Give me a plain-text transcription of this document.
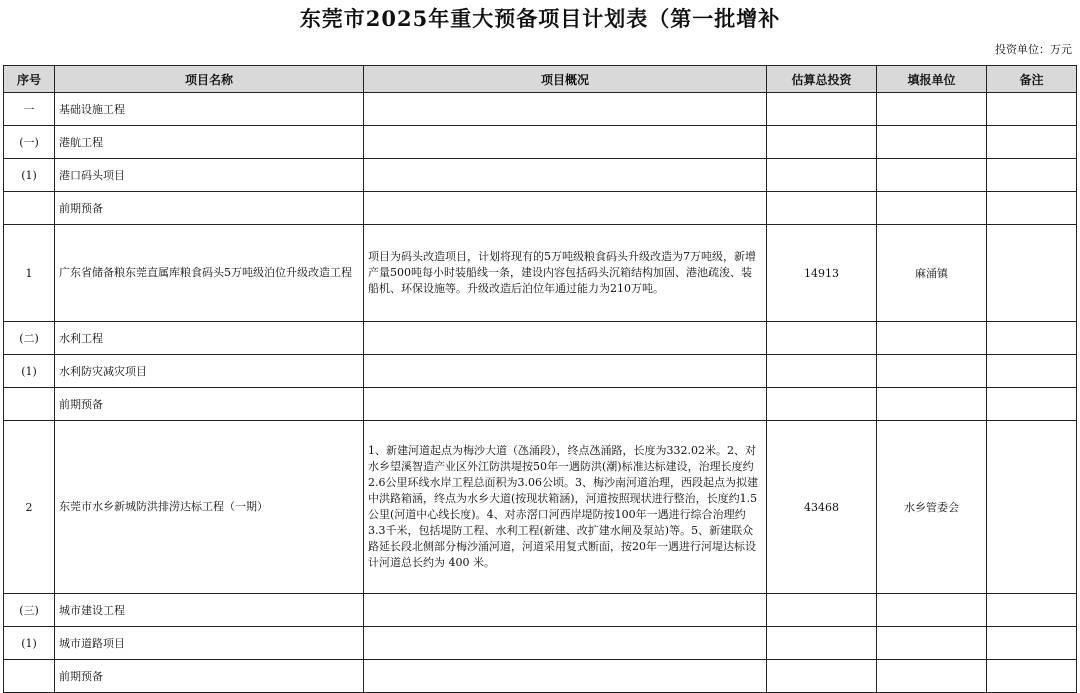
东莞市2025年重大预备项目计划表（第一批增补
投资单位：万元
序号	项目名称	项目概况	估算总投资	填报单位	备注
一	基础设施工程				
(一)	港航工程				
(1)	港口码头项目				
	前期预备				
1	广东省储备粮东莞直属库粮食码头5万吨级泊位升级改造工程	项目为码头改造项目，计划将现有的5万吨级粮食码头升级改造为7万吨级，新增产量500吨每小时装船线一条，建设内容包括码头沉箱结构加固、港池疏浚、装船机、环保设施等。升级改造后泊位年通过能力为210万吨。	14913	麻涌镇	
(二)	水利工程				
(1)	水利防灾减灾项目				
	前期预备				
2	东莞市水乡新城防洪排涝达标工程（一期）	1、新建河道起点为梅沙大道（氹涌段），终点氹涌路，长度为332.02米。2、对水乡望溪智造产业区外江防洪堤按50年一遇防洪(潮)标准达标建设，治理长度约2.6公里环线水岸工程总面积为3.06公顷。3、梅沙南河道治理，西段起点为拟建中洪路箱涵，终点为水乡大道(按现状箱涵)，河道按照现状进行整治，长度约1.5公里(河道中心线长度)。4、对赤滘口河西岸堤防按100年一遇进行综合治理约3.3千米，包括堤防工程、水利工程(新建、改扩建水闸及泵站)等。5、新建联众路延长段北侧部分梅沙涌河道，河道采用复式断面，按20年一遇进行河堤达标设计河道总长约为 400 米。	43468	水乡管委会	
(三)	城市建设工程				
(1)	城市道路项目				
	前期预备				
